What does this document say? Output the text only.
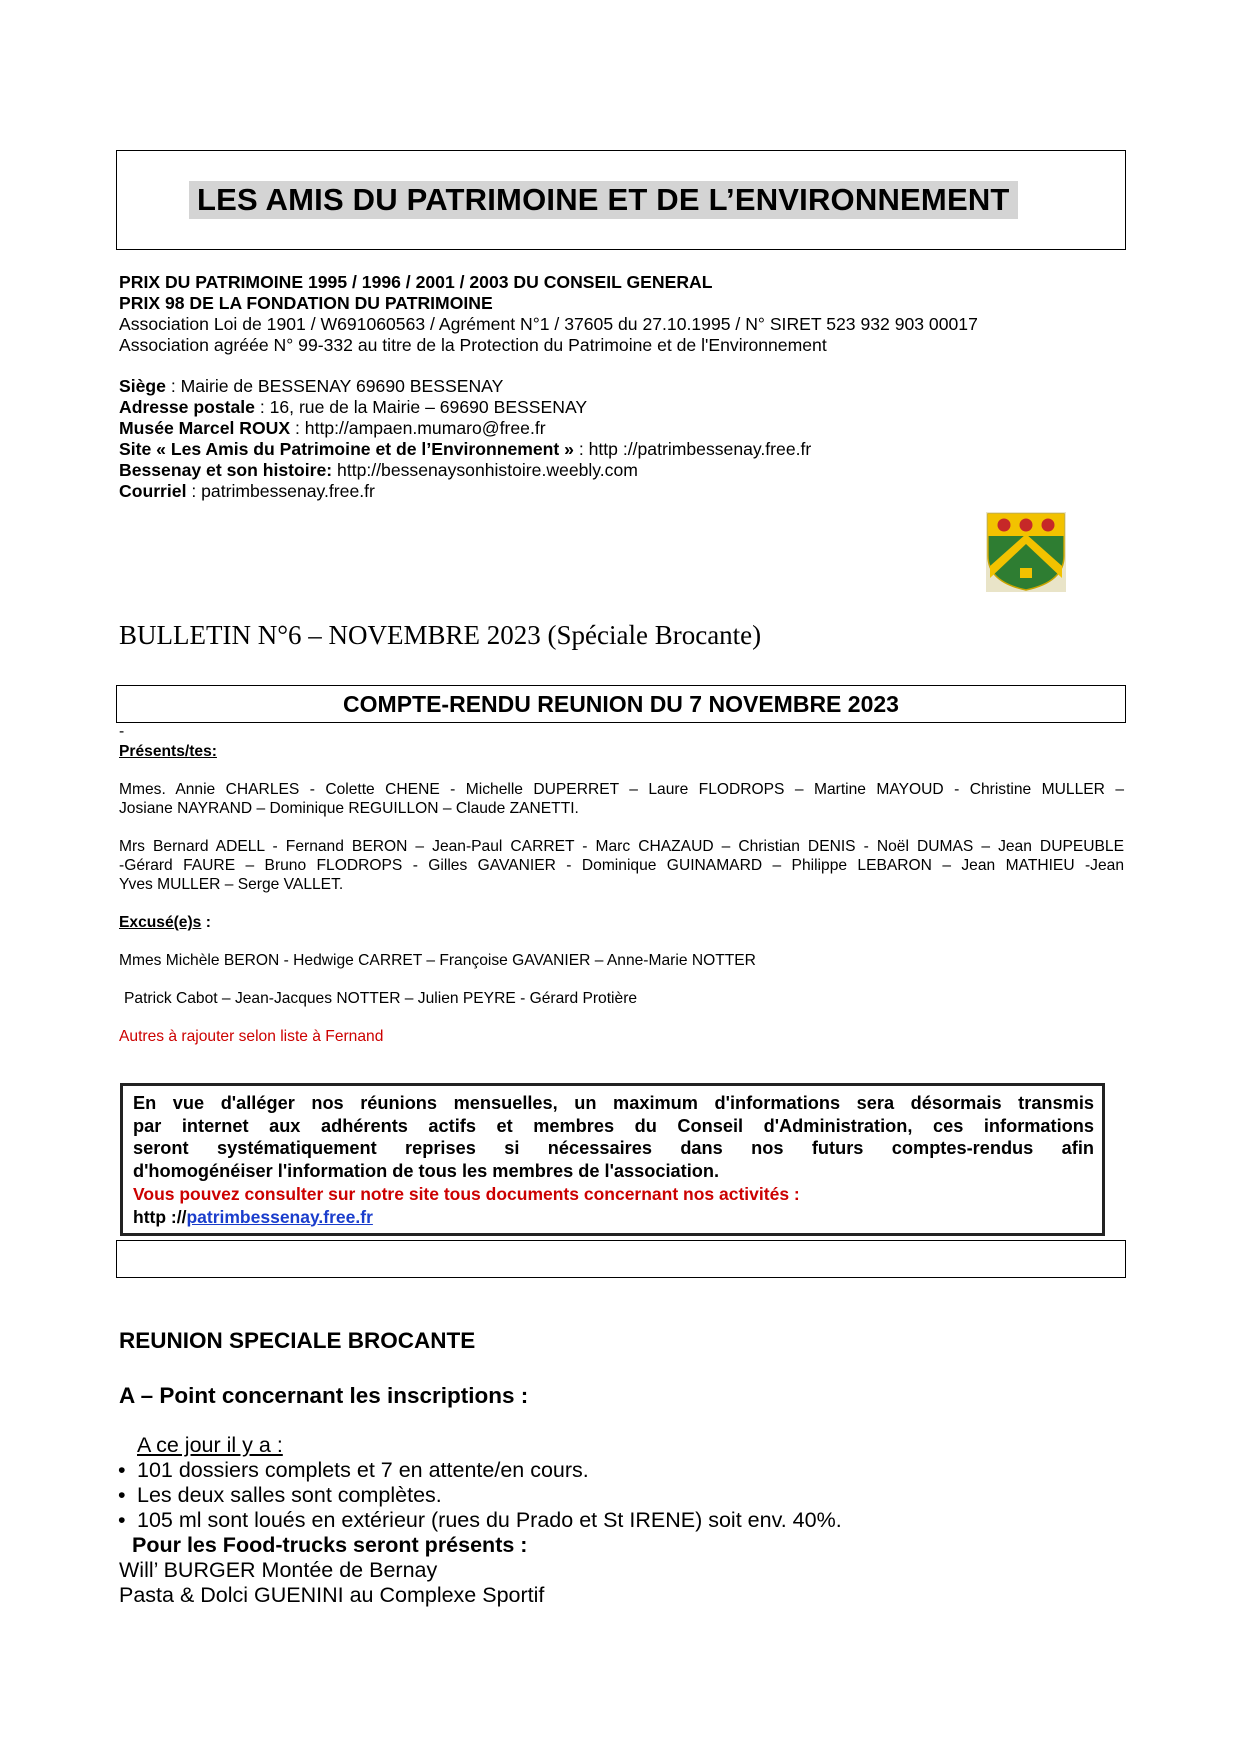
LES AMIS DU PATRIMOINE ET DE L’ENVIRONNEMENT
PRIX DU PATRIMOINE 1995 / 1996 / 2001 / 2003 DU CONSEIL GENERAL
PRIX 98 DE LA FONDATION DU PATRIMOINE
Association Loi de 1901 / W691060563 / Agrément N°1 / 37605 du 27.10.1995 / N° SIRET 523 932 903 00017
Association agréée N° 99-332 au titre de la Protection du Patrimoine et de l'Environnement
Siège : Mairie de BESSENAY 69690 BESSENAY
Adresse postale : 16, rue de la Mairie – 69690 BESSENAY
Musée Marcel ROUX : http://ampaen.mumaro@free.fr
Site « Les Amis du Patrimoine et de l’Environnement » : http ://patrimbessenay.free.fr
Bessenay et son histoire: http://bessenaysonhistoire.weebly.com
Courriel : patrimbessenay.free.fr
BULLETIN N°6 – NOVEMBRE 2023 (Spéciale Brocante)
COMPTE-RENDU REUNION DU 7 NOVEMBRE 2023
-
Présents/tes:
Mmes. Annie CHARLES - Colette CHENE - Michelle DUPERRET – Laure FLODROPS – Martine MAYOUD - Christine MULLER –
Josiane NAYRAND – Dominique REGUILLON – Claude ZANETTI.
Mrs Bernard ADELL - Fernand BERON – Jean-Paul CARRET - Marc CHAZAUD – Christian DENIS - Noël DUMAS – Jean DUPEUBLE
-Gérard FAURE – Bruno FLODROPS - Gilles GAVANIER - Dominique GUINAMARD – Philippe LEBARON – Jean MATHIEU -Jean
Yves MULLER – Serge VALLET.
Excusé(e)s :
Mmes Michèle BERON - Hedwige CARRET – Françoise GAVANIER – Anne-Marie NOTTER
Patrick Cabot – Jean-Jacques NOTTER – Julien PEYRE - Gérard Protière
Autres à rajouter selon liste à Fernand
En vue d'alléger nos réunions mensuelles, un maximum d'informations sera désormais transmis
par internet aux adhérents actifs et membres du Conseil d'Administration, ces informations
seront systématiquement reprises si nécessaires dans nos futurs comptes-rendus afin
d'homogénéiser l'information de tous les membres de l'association.
Vous pouvez consulter sur notre site tous documents concernant nos activités :
http ://patrimbessenay.free.fr
REUNION SPECIALE BROCANTE
A – Point concernant les inscriptions :
A ce jour il y a :
• 101 dossiers complets et 7 en attente/en cours.
• Les deux salles sont complètes.
• 105 ml sont loués en extérieur (rues du Prado et St IRENE) soit env. 40%.
Pour les Food-trucks seront présents :
Will’ BURGER Montée de Bernay
Pasta & Dolci GUENINI au Complexe Sportif
